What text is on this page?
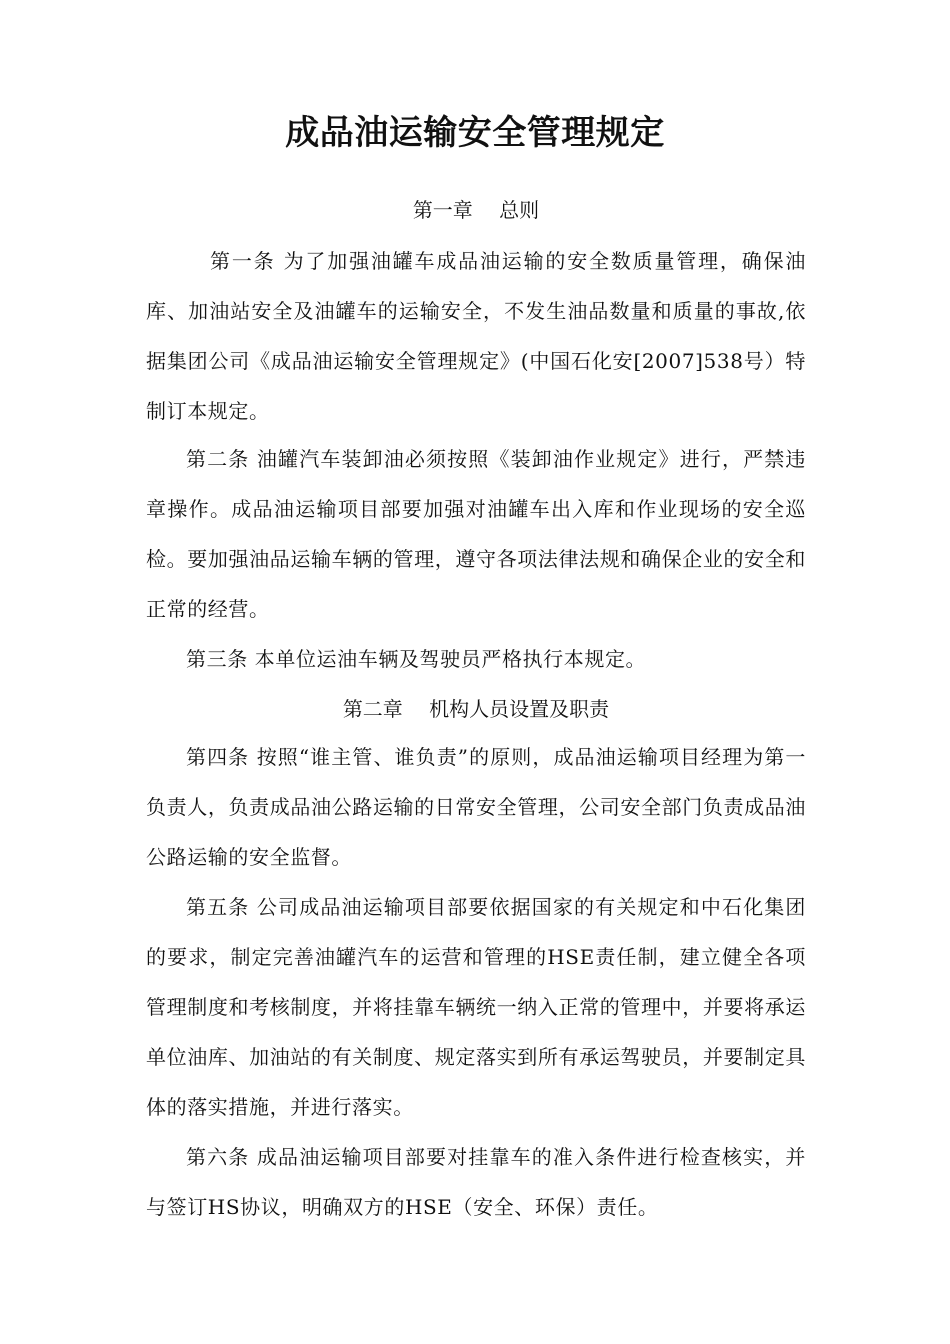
成品油运输安全管理规定
第一章　 总则
第一条 为了加强油罐车成品油运输的安全数质量管理，确保油库、加油站安全及油罐车的运输安全，不发生油品数量和质量的事故,依据集团公司《成品油运输安全管理规定》(中国石化安[2007]538号）特制订本规定。
第二条 油罐汽车装卸油必须按照《装卸油作业规定》进行，严禁违章操作。成品油运输项目部要加强对油罐车出入库和作业现场的安全巡检。要加强油品运输车辆的管理，遵守各项法律法规和确保企业的安全和正常的经营。
第三条 本单位运油车辆及驾驶员严格执行本规定。
第二章　 机构人员设置及职责
第四条 按照“谁主管、谁负责”的原则，成品油运输项目经理为第一负责人，负责成品油公路运输的日常安全管理，公司安全部门负责成品油公路运输的安全监督。
第五条 公司成品油运输项目部要依据国家的有关规定和中石化集团的要求，制定完善油罐汽车的运营和管理的HSE责任制，建立健全各项管理制度和考核制度，并将挂靠车辆统一纳入正常的管理中，并要将承运单位油库、加油站的有关制度、规定落实到所有承运驾驶员，并要制定具体的落实措施，并进行落实。
第六条 成品油运输项目部要对挂靠车的准入条件进行检查核实，并与签订HS协议，明确双方的HSE（安全、环保）责任。
